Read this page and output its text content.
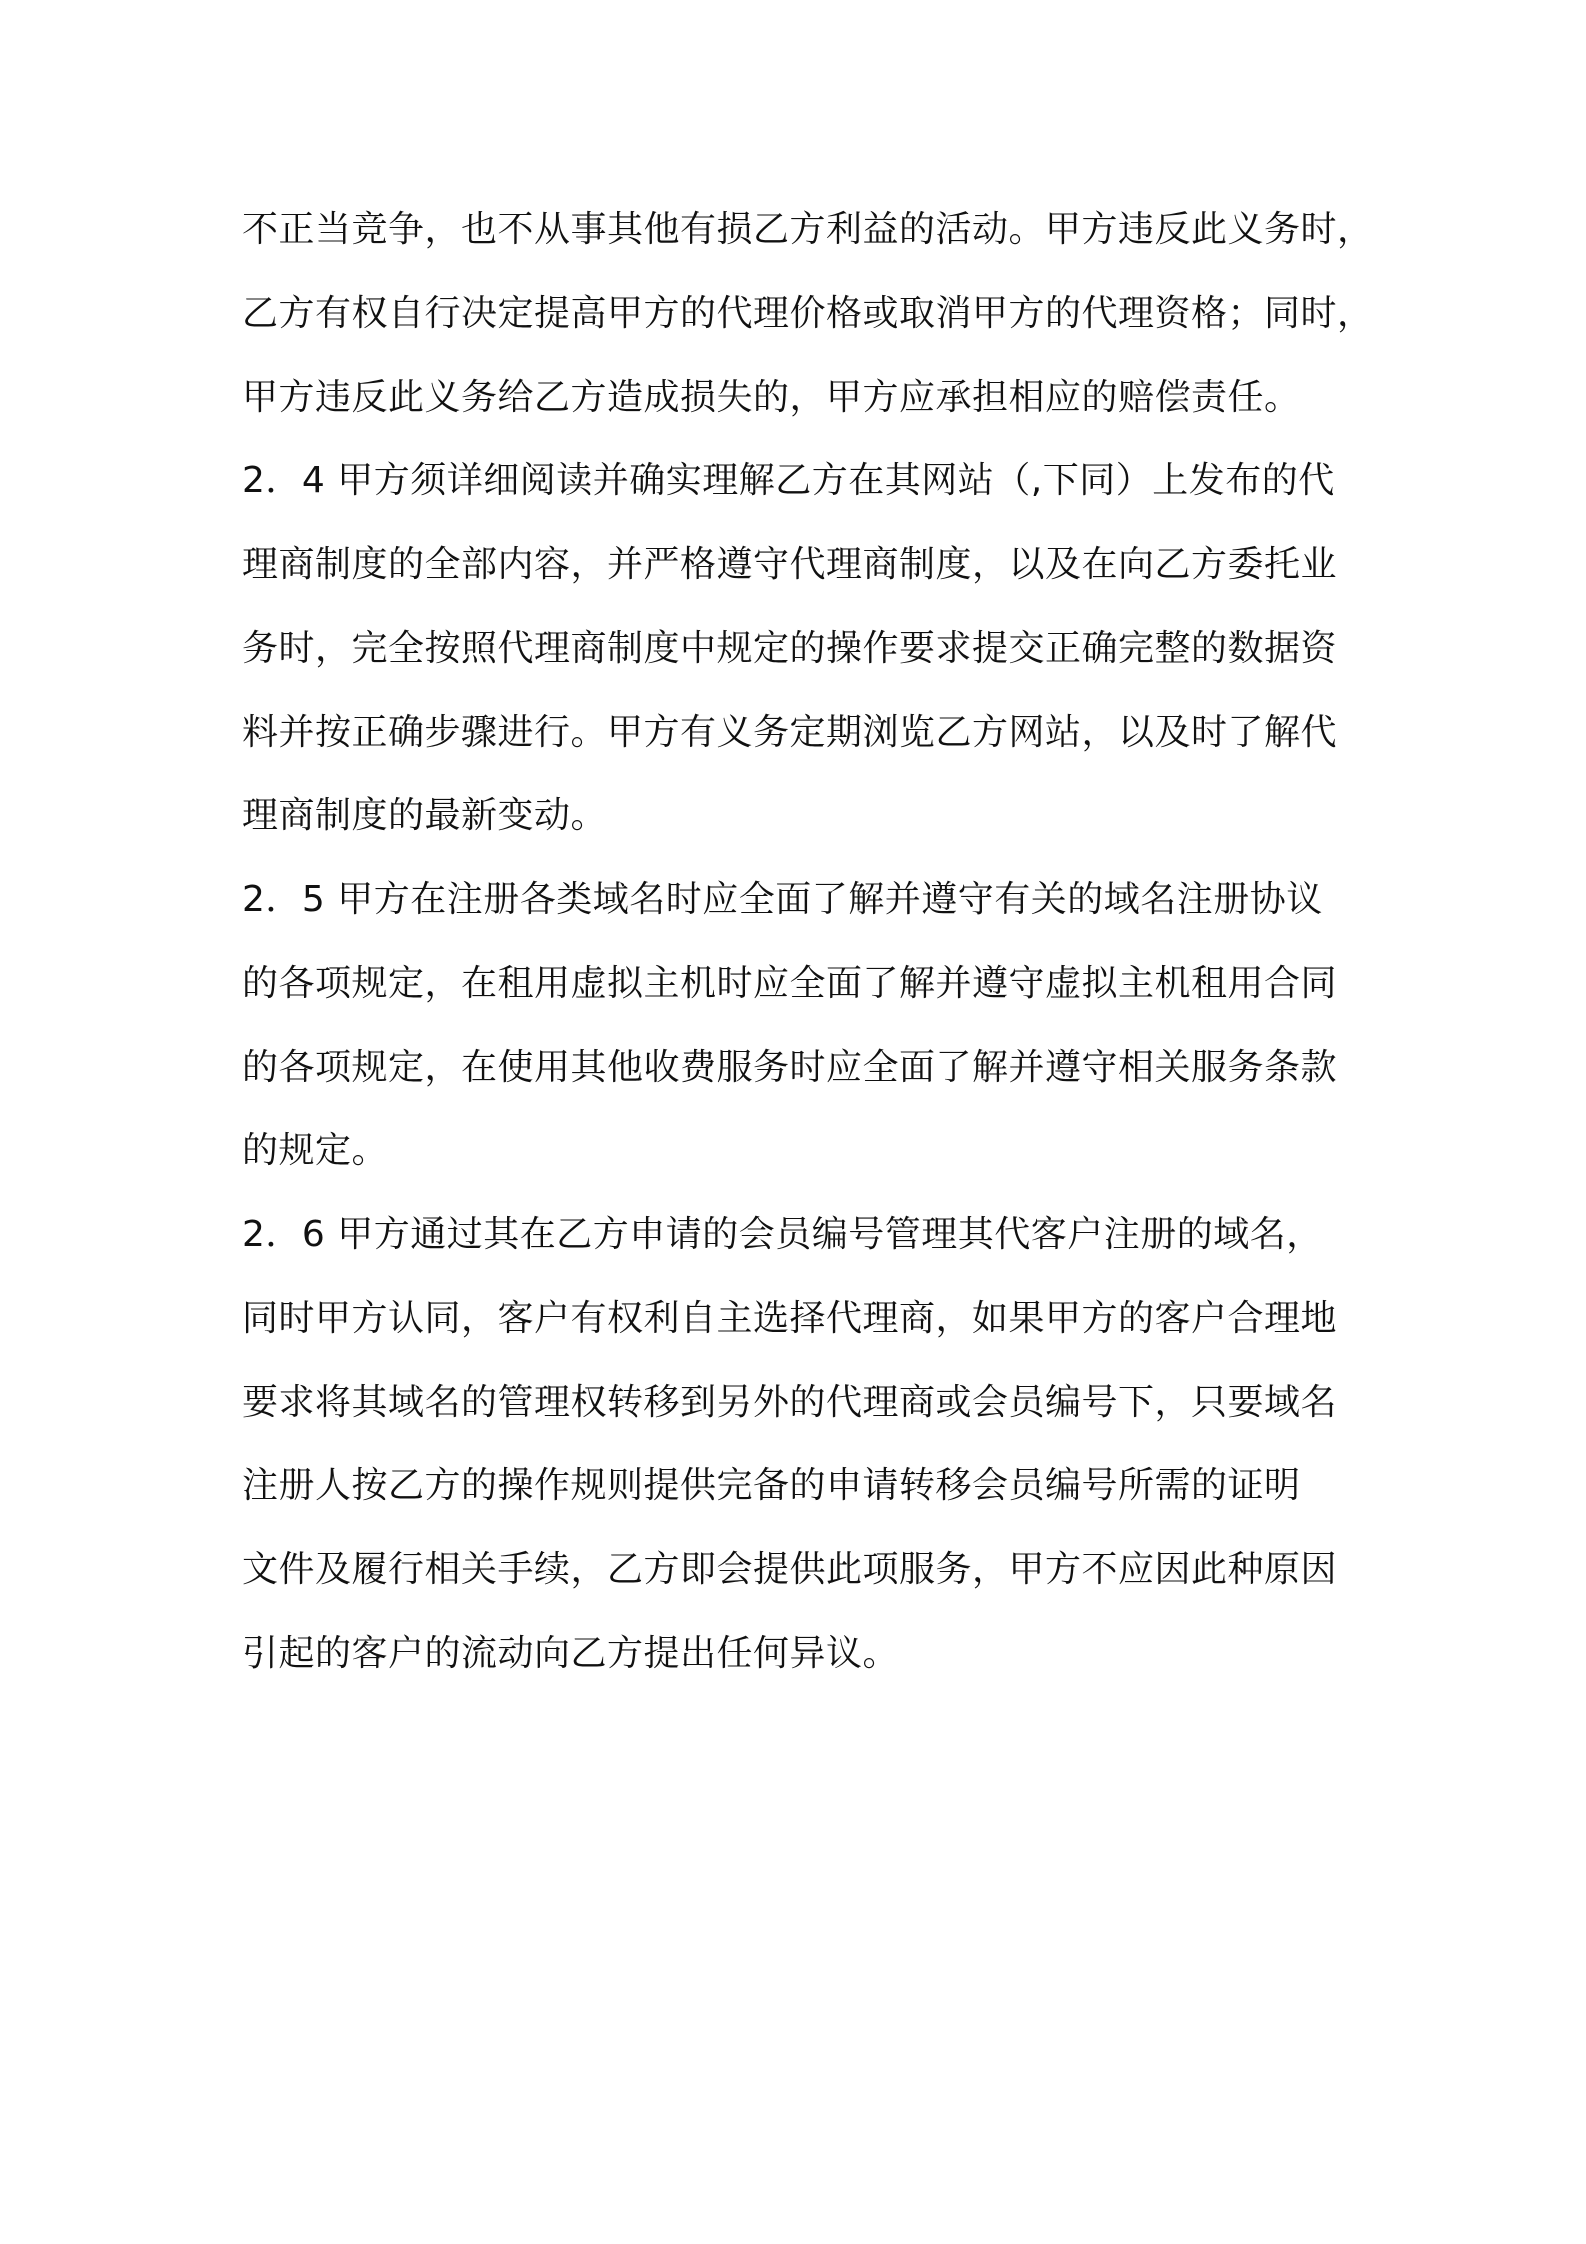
不正当竞争，也不从事其他有损乙方利益的活动。甲方违反此义务时，
乙方有权自行决定提高甲方的代理价格或取消甲方的代理资格；同时，
甲方违反此义务给乙方造成损失的，甲方应承担相应的赔偿责任。
2．4 甲方须详细阅读并确实理解乙方在其网站（,下同）上发布的代
理商制度的全部内容，并严格遵守代理商制度，以及在向乙方委托业
务时，完全按照代理商制度中规定的操作要求提交正确完整的数据资
料并按正确步骤进行。甲方有义务定期浏览乙方网站，以及时了解代
理商制度的最新变动。
2．5 甲方在注册各类域名时应全面了解并遵守有关的域名注册协议
的各项规定，在租用虚拟主机时应全面了解并遵守虚拟主机租用合同
的各项规定，在使用其他收费服务时应全面了解并遵守相关服务条款
的规定。
2．6 甲方通过其在乙方申请的会员编号管理其代客户注册的域名，
同时甲方认同，客户有权利自主选择代理商，如果甲方的客户合理地
要求将其域名的管理权转移到另外的代理商或会员编号下，只要域名
注册人按乙方的操作规则提供完备的申请转移会员编号所需的证明
文件及履行相关手续，乙方即会提供此项服务，甲方不应因此种原因
引起的客户的流动向乙方提出任何异议。
